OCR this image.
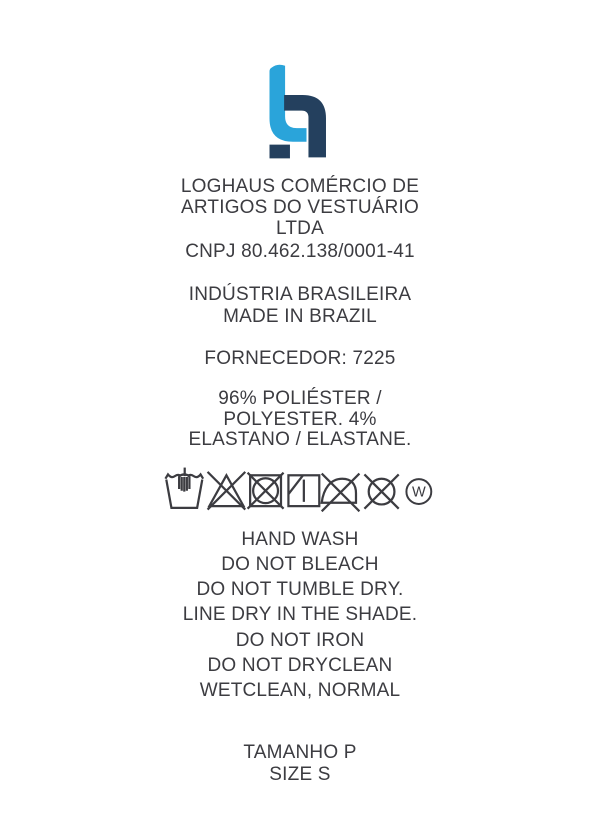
LOGHAUS COMÉRCIO DE
ARTIGOS DO VESTUÁRIO
LTDA
CNPJ 80.462.138/0001-41
INDÚSTRIA BRASILEIRA
MADE IN BRAZIL
FORNECEDOR: 7225
96% POLIÉSTER /
POLYESTER. 4%
ELASTANO / ELASTANE.
W
HAND WASH
DO NOT BLEACH
DO NOT TUMBLE DRY.
LINE DRY IN THE SHADE.
DO NOT IRON
DO NOT DRYCLEAN
WETCLEAN, NORMAL
TAMANHO P
SIZE S
